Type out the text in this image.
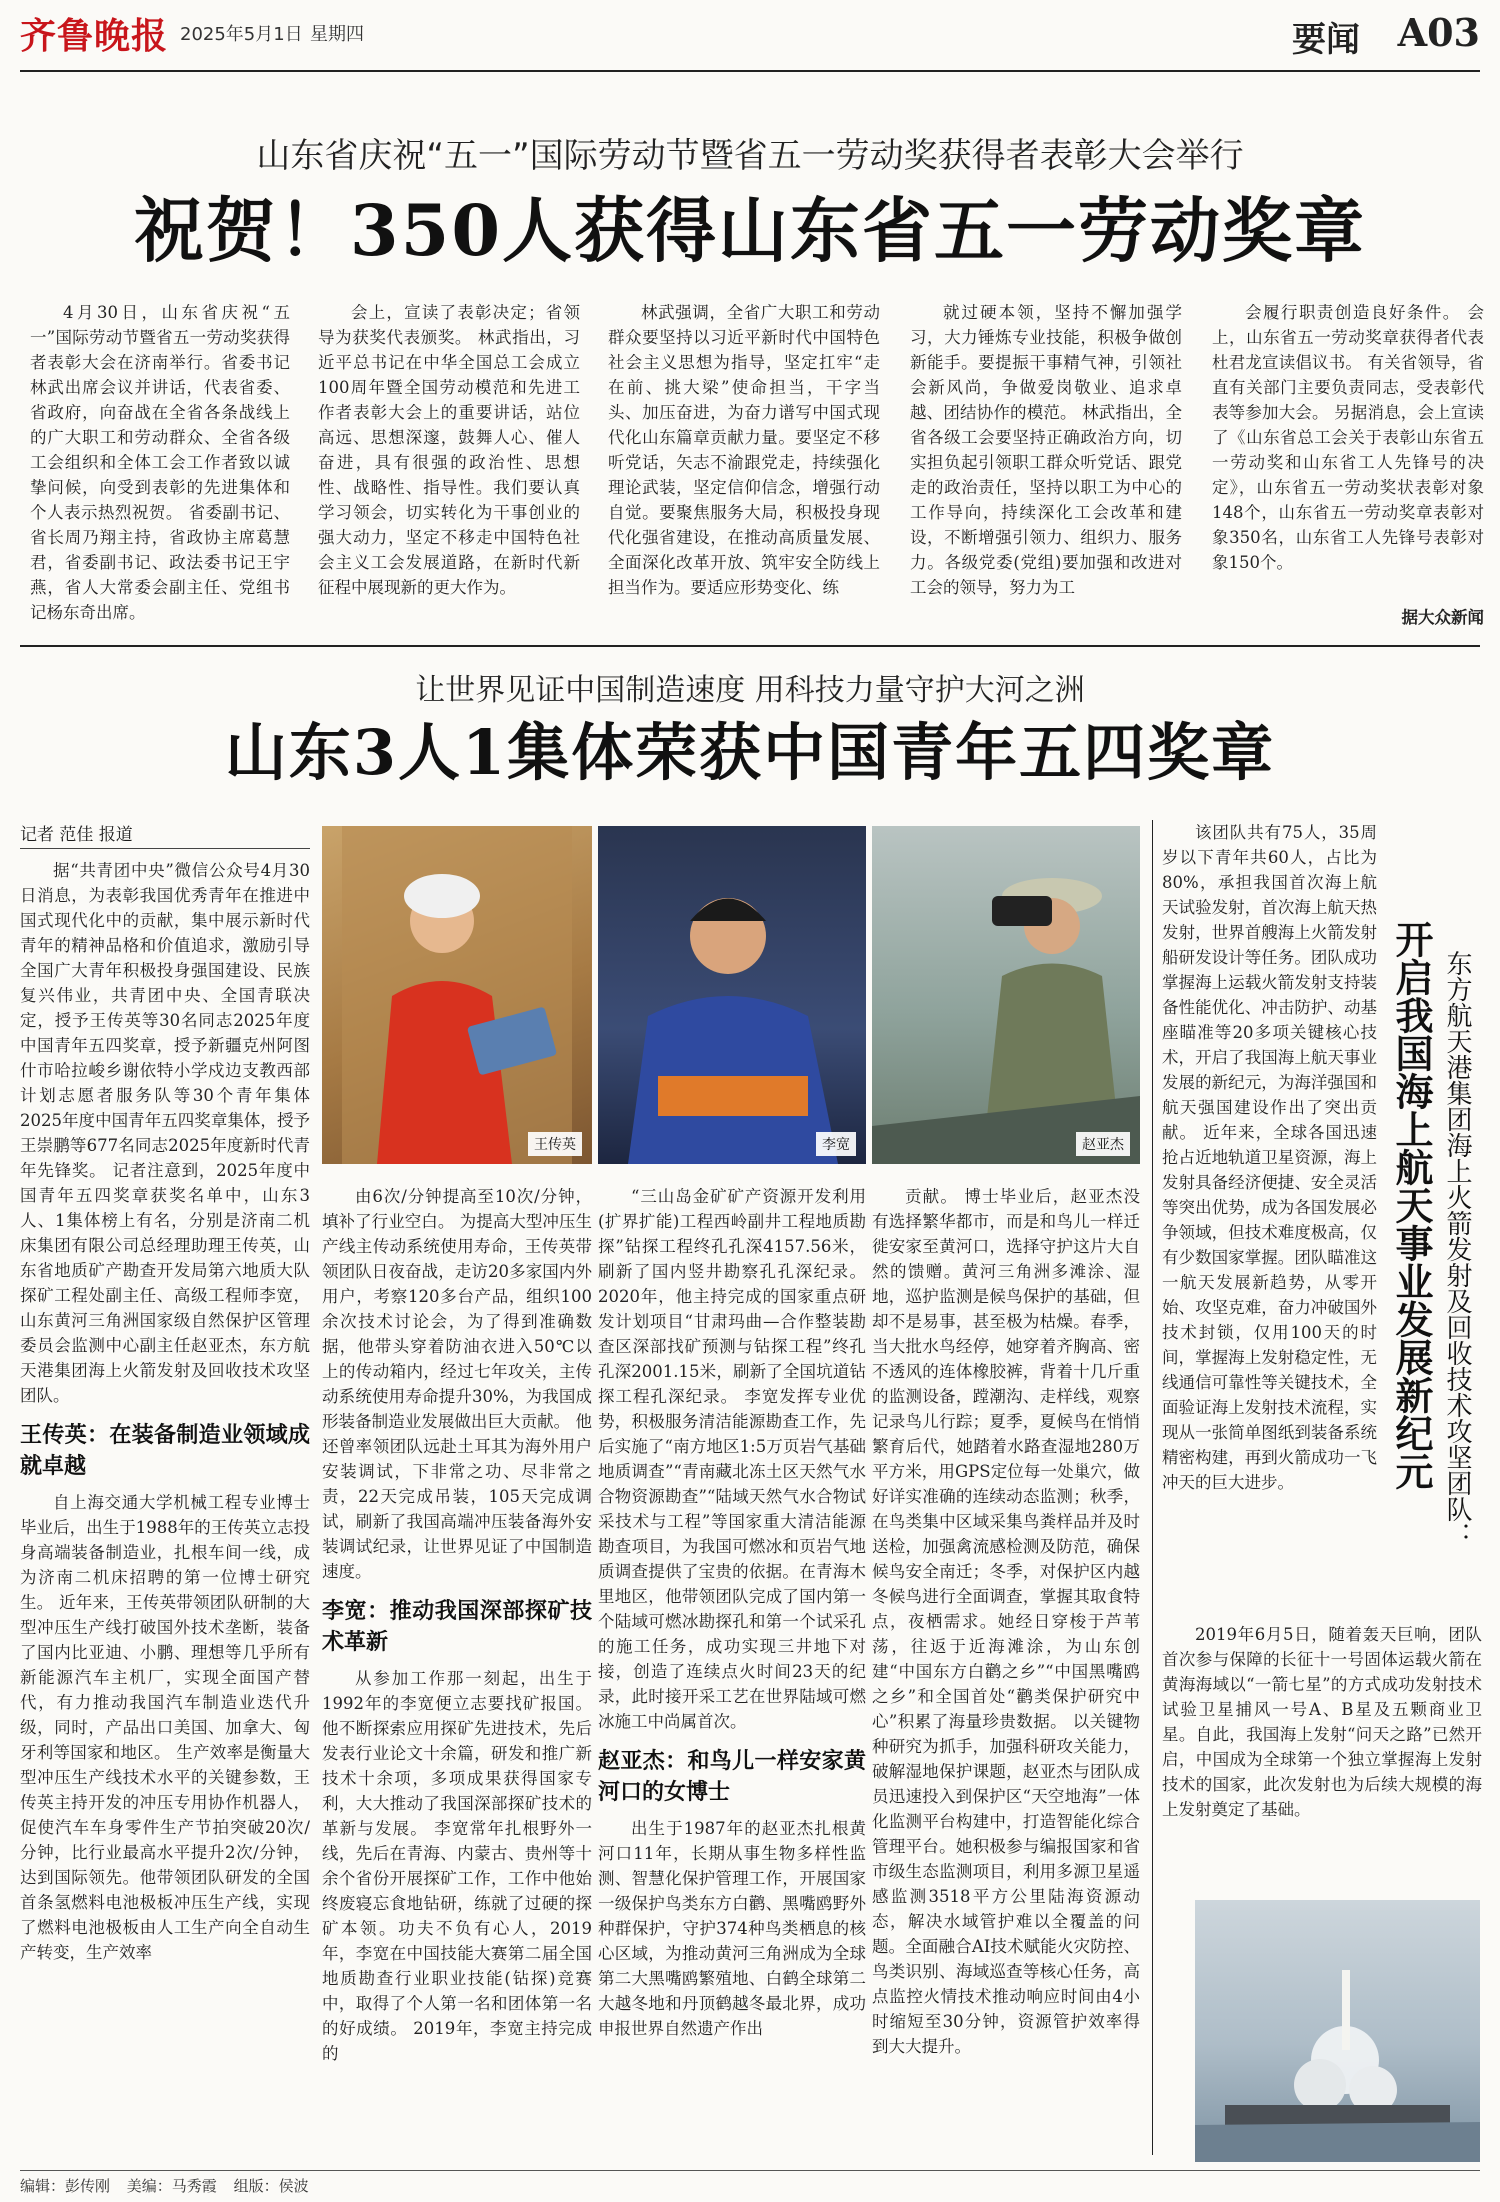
齐鲁晚报 2025年5月1日 星期四	要闻 A03
山东省庆祝“五一”国际劳动节暨省五一劳动奖获得者表彰大会举行
祝贺！350人获得山东省五一劳动奖章

4月30日，山东省庆祝“五一”国际劳动节暨省五一劳动奖获得者表彰大会在济南举行。省委书记林武出席会议并讲话，代表省委、省政府，向奋战在全省各条战线上的广大职工和劳动群众、全省各级工会组织和全体工会工作者致以诚挚问候，向受到表彰的先进集体和个人表示热烈祝贺。 省委副书记、省长周乃翔主持，省政协主席葛慧君，省委副书记、政法委书记王宇燕，省人大常委会副主任、党组书记杨东奇出席。

会上，宣读了表彰决定；省领导为获奖代表颁奖。 林武指出，习近平总书记在中华全国总工会成立100周年暨全国劳动模范和先进工作者表彰大会上的重要讲话，站位高远、思想深邃，鼓舞人心、催人奋进，具有很强的政治性、思想性、战略性、指导性。我们要认真学习领会，切实转化为干事创业的强大动力，坚定不移走中国特色社会主义工会发展道路，在新时代新征程中展现新的更大作为。

林武强调，全省广大职工和劳动群众要坚持以习近平新时代中国特色社会主义思想为指导，坚定扛牢“走在前、挑大梁”使命担当，干字当头、加压奋进，为奋力谱写中国式现代化山东篇章贡献力量。要坚定不移听党话，矢志不渝跟党走，持续强化理论武装，坚定信仰信念，增强行动自觉。要聚焦服务大局，积极投身现代化强省建设，在推动高质量发展、全面深化改革开放、筑牢安全防线上担当作为。要适应形势变化、练

就过硬本领，坚持不懈加强学习，大力锤炼专业技能，积极争做创新能手。要提振干事精气神，引领社会新风尚，争做爱岗敬业、追求卓越、团结协作的模范。 林武指出，全省各级工会要坚持正确政治方向，切实担负起引领职工群众听党话、跟党走的政治责任，坚持以职工为中心的工作导向，持续深化工会改革和建设，不断增强引领力、组织力、服务力。各级党委(党组)要加强和改进对工会的领导，努力为工

会履行职责创造良好条件。 会上，山东省五一劳动奖章获得者代表杜君龙宣读倡议书。 有关省领导，省直有关部门主要负责同志，受表彰代表等参加大会。 另据消息，会上宣读了《山东省总工会关于表彰山东省五一劳动奖和山东省工人先锋号的决定》，山东省五一劳动奖状表彰对象148个，山东省五一劳动奖章表彰对象350名，山东省工人先锋号表彰对象150个。

据大众新闻
让世界见证中国制造速度 用科技力量守护大河之洲
山东3人1集体荣获中国青年五四奖章
记者 范佳 报道
王传英	李宽	赵亚杰

据“共青团中央”微信公众号4月30日消息，为表彰我国优秀青年在推进中国式现代化中的贡献，集中展示新时代青年的精神品格和价值追求，激励引导全国广大青年积极投身强国建设、民族复兴伟业，共青团中央、全国青联决定，授予王传英等30名同志2025年度中国青年五四奖章，授予新疆克州阿图什市哈拉峻乡谢依特小学戍边支教西部计划志愿者服务队等30个青年集体2025年度中国青年五四奖章集体，授予王崇鹏等677名同志2025年度新时代青年先锋奖。 记者注意到，2025年度中国青年五四奖章获奖名单中，山东3人、1集体榜上有名，分别是济南二机床集团有限公司总经理助理王传英，山东省地质矿产勘查开发局第六地质大队探矿工程处副主任、高级工程师李宽，山东黄河三角洲国家级自然保护区管理委员会监测中心副主任赵亚杰，东方航天港集团海上火箭发射及回收技术攻坚团队。

王传英：在装备制造业领域成就卓越

自上海交通大学机械工程专业博士毕业后，出生于1988年的王传英立志投身高端装备制造业，扎根车间一线，成为济南二机床招聘的第一位博士研究生。 近年来，王传英带领团队研制的大型冲压生产线打破国外技术垄断，装备了国内比亚迪、小鹏、理想等几乎所有新能源汽车主机厂，实现全面国产替代，有力推动我国汽车制造业迭代升级，同时，产品出口美国、加拿大、匈牙利等国家和地区。 生产效率是衡量大型冲压生产线技术水平的关键参数，王传英主持开发的冲压专用协作机器人，促使汽车车身零件生产节拍突破20次/分钟，比行业最高水平提升2次/分钟，达到国际领先。他带领团队研发的全国首条氢燃料电池极板冲压生产线，实现了燃料电池极板由人工生产向全自动生产转变，生产效率

由6次/分钟提高至10次/分钟，填补了行业空白。 为提高大型冲压生产线主传动系统使用寿命，王传英带领团队日夜奋战，走访20多家国内外用户，考察120多台产品，组织100余次技术讨论会，为了得到准确数据，他带头穿着防油衣进入50℃以上的传动箱内，经过七年攻关，主传动系统使用寿命提升30%，为我国成形装备制造业发展做出巨大贡献。 他还曾率领团队远赴土耳其为海外用户安装调试，下非常之功、尽非常之责，22天完成吊装，105天完成调试，刷新了我国高端冲压装备海外安装调试纪录，让世界见证了中国制造速度。

李宽：推动我国深部探矿技术革新

从参加工作那一刻起，出生于1992年的李宽便立志要找矿报国。他不断探索应用探矿先进技术，先后发表行业论文十余篇，研发和推广新技术十余项，多项成果获得国家专利，大大推动了我国深部探矿技术的革新与发展。 李宽常年扎根野外一线，先后在青海、内蒙古、贵州等十余个省份开展探矿工作，工作中他始终废寝忘食地钻研，练就了过硬的探矿本领。功夫不负有心人，2019年，李宽在中国技能大赛第二届全国地质勘查行业职业技能(钻探)竞赛中，取得了个人第一名和团体第一名的好成绩。 2019年，李宽主持完成的

“三山岛金矿矿产资源开发利用(扩界扩能)工程西岭副井工程地质勘探”钻探工程终孔孔深4157.56米，刷新了国内竖井勘察孔孔深纪录。2020年，他主持完成的国家重点研发计划项目“甘肃玛曲—合作整装勘查区深部找矿预测与钻探工程”终孔孔深2001.15米，刷新了全国坑道钻探工程孔深纪录。 李宽发挥专业优势，积极服务清洁能源勘查工作，先后实施了“南方地区1:5万页岩气基础地质调查”“青南藏北冻土区天然气水合物资源勘查”“陆域天然气水合物试采技术与工程”等国家重大清洁能源勘查项目，为我国可燃冰和页岩气地质调查提供了宝贵的依据。在青海木里地区，他带领团队完成了国内第一个陆域可燃冰勘探孔和第一个试采孔的施工任务，成功实现三井地下对接，创造了连续点火时间23天的纪录，此时接开采工艺在世界陆域可燃冰施工中尚属首次。

赵亚杰：和鸟儿一样安家黄河口的女博士

出生于1987年的赵亚杰扎根黄河口11年，长期从事生物多样性监测、智慧化保护管理工作，开展国家一级保护鸟类东方白鹳、黑嘴鸥野外种群保护，守护374种鸟类栖息的核心区域，为推动黄河三角洲成为全球第二大黑嘴鸥繁殖地、白鹤全球第二大越冬地和丹顶鹤越冬最北界，成功申报世界自然遗产作出

贡献。 博士毕业后，赵亚杰没有选择繁华都市，而是和鸟儿一样迁徙安家至黄河口，选择守护这片大自然的馈赠。黄河三角洲多滩涂、湿地，巡护监测是候鸟保护的基础，但却不是易事，甚至极为枯燥。春季，当大批水鸟经停，她穿着齐胸高、密不透风的连体橡胶裤，背着十几斤重的监测设备，蹚潮沟、走样线，观察记录鸟儿行踪；夏季，夏候鸟在悄悄繁育后代，她踏着水路查湿地280万平方米，用GPS定位每一处巢穴，做好详实准确的连续动态监测；秋季，在鸟类集中区域采集鸟粪样品并及时送检，加强禽流感检测及防范，确保候鸟安全南迁；冬季，对保护区内越冬候鸟进行全面调查，掌握其取食特点，夜栖需求。她经日穿梭于芦苇荡，往返于近海滩涂，为山东创建“中国东方白鹳之乡”“中国黑嘴鸥之乡”和全国首处“鹳类保护研究中心”积累了海量珍贵数据。 以关键物种研究为抓手，加强科研攻关能力，破解湿地保护课题，赵亚杰与团队成员迅速投入到保护区“天空地海”一体化监测平台构建中，打造智能化综合管理平台。她积极参与编报国家和省市级生态监测项目，利用多源卫星遥感监测3518平方公里陆海资源动态，解决水域管护难以全覆盖的问题。全面融合AI技术赋能火灾防控、鸟类识别、海域巡查等核心任务，高点监控火情技术推动响应时间由4小时缩短至30分钟，资源管护效率得到大大提升。

该团队共有75人，35周岁以下青年共60人，占比为80%，承担我国首次海上航天试验发射，首次海上航天热发射，世界首艘海上火箭发射船研发设计等任务。团队成功掌握海上运载火箭发射支持装备性能优化、冲击防护、动基座瞄准等20多项关键核心技术，开启了我国海上航天事业发展的新纪元，为海洋强国和航天强国建设作出了突出贡献。 近年来，全球各国迅速抢占近地轨道卫星资源，海上发射具备经济便捷、安全灵活等突出优势，成为各国发展必争领域，但技术难度极高，仅有少数国家掌握。团队瞄准这一航天发展新趋势，从零开始、攻坚克难，奋力冲破国外技术封锁，仅用100天的时间，掌握海上发射稳定性，无线通信可靠性等关键技术，全面验证海上发射技术流程，实现从一张简单图纸到装备系统精密构建，再到火箭成功一飞冲天的巨大进步。	东方航天港集团海上火箭发射及回收技术攻坚团队：
开启我国海上航天事业发展新纪元

2019年6月5日，随着轰天巨响，团队首次参与保障的长征十一号固体运载火箭在黄海海域以“一箭七星”的方式成功发射技术试验卫星捕风一号A、B星及五颗商业卫星。自此，我国海上发射“问天之路”已然开启，中国成为全球第一个独立掌握海上发射技术的国家，此次发射也为后续大规模的海上发射奠定了基础。

编辑：彭传刚 美编：马秀霞 组版：侯波
